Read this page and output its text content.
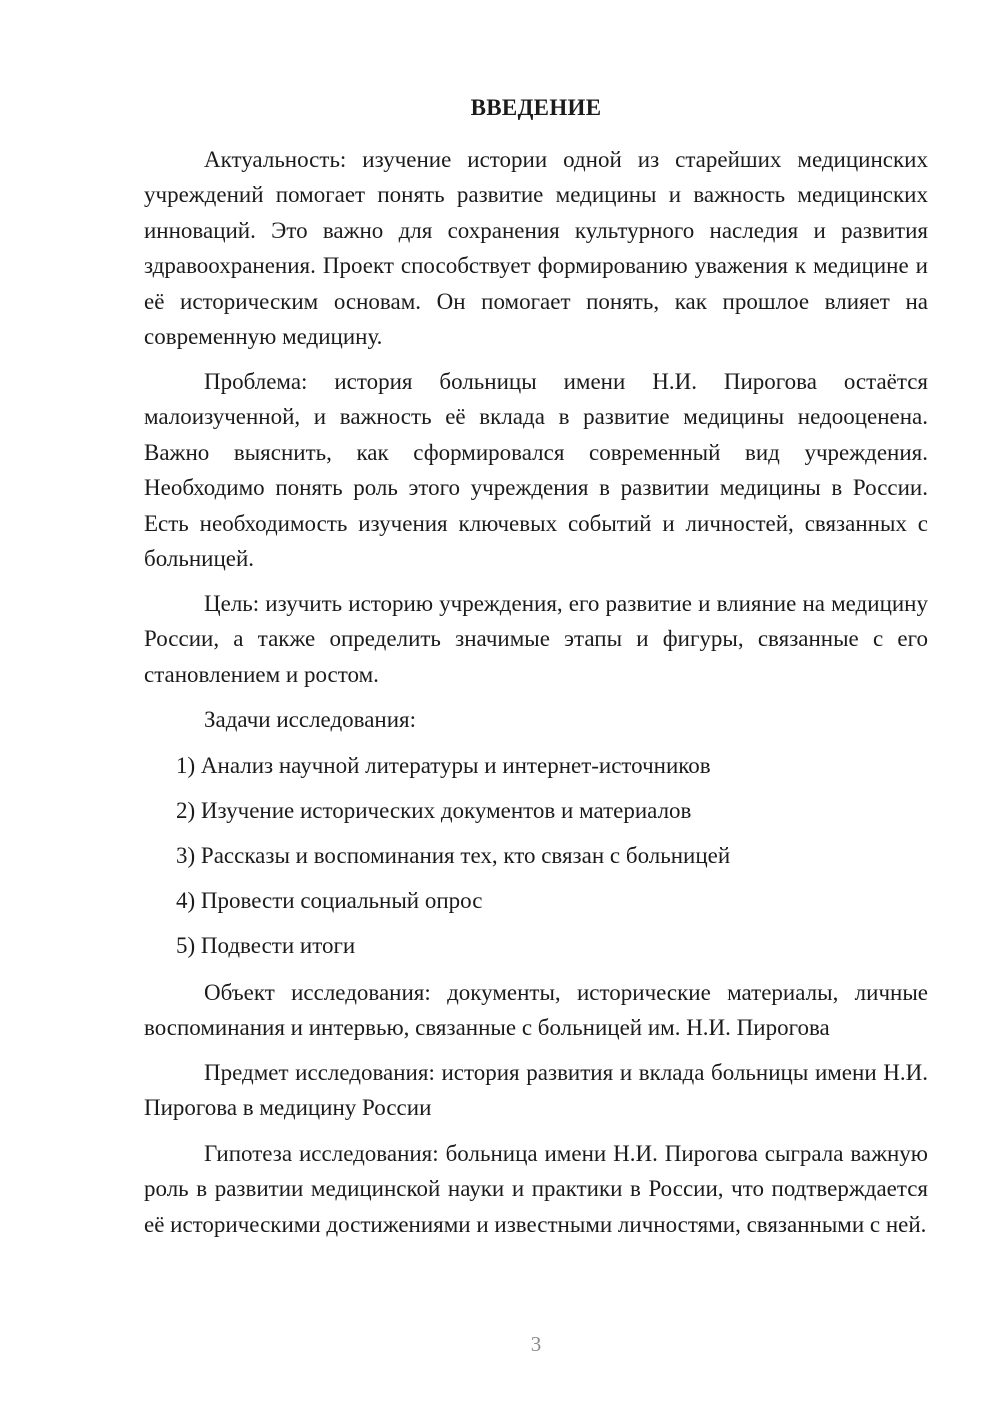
ВВЕДЕНИЕ

Актуальность: изучение истории одной из старейших медицинских учреждений помогает понять развитие медицины и важность медицинских инноваций. Это важно для сохранения культурного наследия и развития здравоохранения. Проект способствует формированию уважения к медицине и её историческим основам. Он помогает понять, как прошлое влияет на современную медицину.

Проблема: история больницы имени Н.И. Пирогова остаётся малоизученной, и важность её вклада в развитие медицины недооценена. Важно выяснить, как сформировался современный вид учреждения. Необходимо понять роль этого учреждения в развитии медицины в России. Есть необходимость изучения ключевых событий и личностей, связанных с больницей.

Цель: изучить историю учреждения, его развитие и влияние на медицину России, а также определить значимые этапы и фигуры, связанные с его становлением и ростом.

Задачи исследования:

1) Анализ научной литературы и интернет-источников

2) Изучение исторических документов и материалов

3) Рассказы и воспоминания тех, кто связан с больницей

4) Провести социальный опрос

5) Подвести итоги

Объект исследования: документы, исторические материалы, личные воспоминания и интервью, связанные с больницей им. Н.И. Пирогова

Предмет исследования: история развития и вклада больницы имени Н.И. Пирогова в медицину России

Гипотеза исследования: больница имени Н.И. Пирогова сыграла важную роль в развитии медицинской науки и практики в России, что подтверждается её историческими достижениями и известными личностями, связанными с ней.

3
